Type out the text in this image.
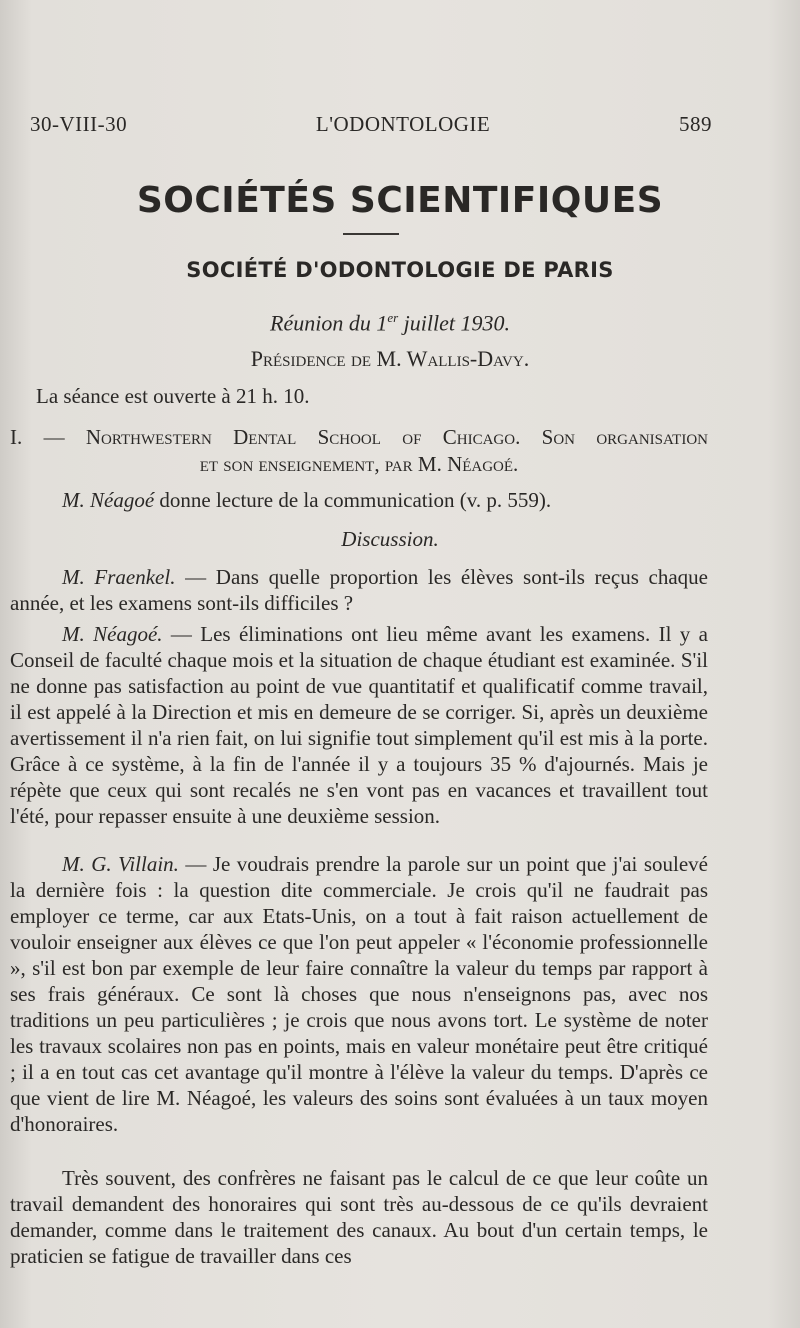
30-VIII-30	L'ODONTOLOGIE	589
SOCIÉTÉS SCIENTIFIQUES
SOCIÉTÉ D'ODONTOLOGIE DE PARIS
Réunion du 1er juillet 1930.
Présidence de M. Wallis-Davy.
La séance est ouverte à 21 h. 10.
I. — Northwestern Dental School of Chicago. Son organisation
et son enseignement, par M. Néagoé.
M. Néagoé donne lecture de la communication (v. p. 559).
Discussion.
M. Fraenkel. — Dans quelle proportion les élèves sont-ils reçus chaque année, et les examens sont-ils difficiles ?
M. Néagoé. — Les éliminations ont lieu même avant les examens. Il y a Conseil de faculté chaque mois et la situation de chaque étudiant est examinée. S'il ne donne pas satisfaction au point de vue quantitatif et qualificatif comme travail, il est appelé à la Direction et mis en demeure de se corriger. Si, après un deuxième avertissement il n'a rien fait, on lui signifie tout simplement qu'il est mis à la porte. Grâce à ce système, à la fin de l'année il y a toujours 35 % d'ajournés. Mais je répète que ceux qui sont recalés ne s'en vont pas en vacances et travaillent tout l'été, pour repasser ensuite à une deuxième session.
M. G. Villain. — Je voudrais prendre la parole sur un point que j'ai soulevé la dernière fois : la question dite commerciale. Je crois qu'il ne faudrait pas employer ce terme, car aux Etats-Unis, on a tout à fait raison actuellement de vouloir enseigner aux élèves ce que l'on peut appeler « l'économie professionnelle », s'il est bon par exemple de leur faire connaître la valeur du temps par rapport à ses frais généraux. Ce sont là choses que nous n'enseignons pas, avec nos traditions un peu particulières ; je crois que nous avons tort. Le système de noter les travaux scolaires non pas en points, mais en valeur monétaire peut être critiqué ; il a en tout cas cet avantage qu'il montre à l'élève la valeur du temps. D'après ce que vient de lire M. Néagoé, les valeurs des soins sont évaluées à un taux moyen d'honoraires.
Très souvent, des confrères ne faisant pas le calcul de ce que leur coûte un travail demandent des honoraires qui sont très au-dessous de ce qu'ils devraient demander, comme dans le traitement des canaux. Au bout d'un certain temps, le praticien se fatigue de travailler dans ces
